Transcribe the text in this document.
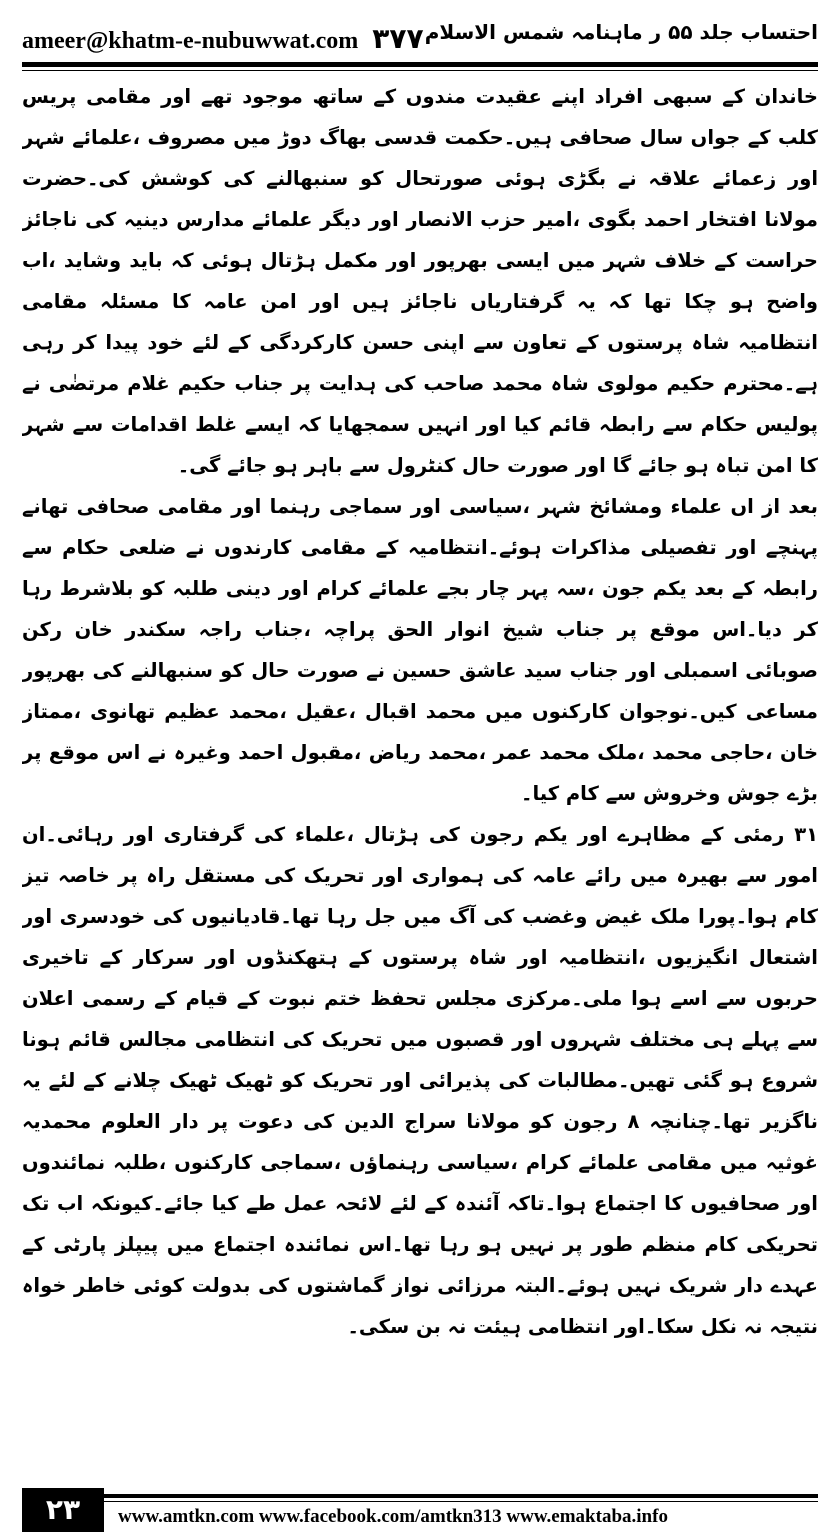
ameer@khatm-e-nubuwwat.com ۳۷۷ احتساب جلد ۵۵ ر ماہنامہ شمس الاسلام

خاندان کے سبھی افراد اپنے عقیدت مندوں کے ساتھ موجود تھے اور مقامی پریس کلب کے جواں سال صحافی ہیں۔حکمت قدسی بھاگ دوڑ میں مصروف ،علمائے شہر اور زعمائے علاقہ نے بگڑی ہوئی صورتحال کو سنبھالنے کی کوشش کی۔حضرت مولانا افتخار احمد بگوی ،امیر حزب الانصار اور دیگر علمائے مدارس دینیہ کی ناجائز حراست کے خلاف شہر میں ایسی بھرپور اور مکمل ہڑتال ہوئی کہ باید وشاید ،اب واضح ہو چکا تھا کہ یہ گرفتاریاں ناجائز ہیں اور امن عامہ کا مسئلہ مقامی انتظامیہ شاہ پرستوں کے تعاون سے اپنی حسن کارکردگی کے لئے خود پیدا کر رہی ہے۔محترم حکیم مولوی شاہ محمد صاحب کی ہدایت پر جناب حکیم غلام مرتضٰی نے پولیس حکام سے رابطہ قائم کیا اور انہیں سمجھایا کہ ایسے غلط اقدامات سے شہر کا امن تباہ ہو جائے گا اور صورت حال کنٹرول سے باہر ہو جائے گی۔

بعد از اں علماء ومشائخ شہر ،سیاسی اور سماجی رہنما اور مقامی صحافی تھانے پہنچے اور تفصیلی مذاکرات ہوئے۔انتظامیہ کے مقامی کارندوں نے ضلعی حکام سے رابطہ کے بعد یکم جون ،سہ پہر چار بجے علمائے کرام اور دینی طلبہ کو بلاشرط رہا کر دیا۔اس موقع پر جناب شیخ انوار الحق پراچہ ،جناب راجہ سکندر خان رکن صوبائی اسمبلی اور جناب سید عاشق حسین نے صورت حال کو سنبھالنے کی بھرپور مساعی کیں۔نوجوان کارکنوں میں محمد اقبال ،عقیل ،محمد عظیم تھانوی ،ممتاز خان ،حاجی محمد ،ملک محمد عمر ،محمد ریاض ،مقبول احمد وغیرہ نے اس موقع پر بڑے جوش وخروش سے کام کیا۔

۳۱ رمئی کے مظاہرے اور یکم رجون کی ہڑتال ،علماء کی گرفتاری اور رہائی۔ان امور سے بھیرہ میں رائے عامہ کی ہمواری اور تحریک کی مستقل راہ پر خاصہ تیز کام ہوا۔پورا ملک غیض وغضب کی آگ میں جل رہا تھا۔قادیانیوں کی خودسری اور اشتعال انگیزیوں ،انتظامیہ اور شاہ پرستوں کے ہتھکنڈوں اور سرکار کے تاخیری حربوں سے اسے ہوا ملی۔مرکزی مجلس تحفظ ختم نبوت کے قیام کے رسمی اعلان سے پہلے ہی مختلف شہروں اور قصبوں میں تحریک کی انتظامی مجالس قائم ہونا شروع ہو گئی تھیں۔مطالبات کی پذیرائی اور تحریک کو ٹھیک ٹھیک چلانے کے لئے یہ ناگزیر تھا۔چنانچہ ۸ رجون کو مولانا سراج الدین کی دعوت پر دار العلوم محمدیہ غوثیہ میں مقامی علمائے کرام ،سیاسی رہنماؤں ،سماجی کارکنوں ،طلبہ نمائندوں اور صحافیوں کا اجتماع ہوا۔تاکہ آئندہ کے لئے لائحہ عمل طے کیا جائے۔کیونکہ اب تک تحریکی کام منظم طور پر نہیں ہو رہا تھا۔اس نمائندہ اجتماع میں پیپلز پارٹی کے عہدے دار شریک نہیں ہوئے۔البتہ مرزائی نواز گماشتوں کی بدولت کوئی خاطر خواہ نتیجہ نہ نکل سکا۔اور انتظامی ہیئت نہ بن سکی۔

۲۳	www.amtkn.com www.facebook.com/amtkn313 www.emaktaba.info
